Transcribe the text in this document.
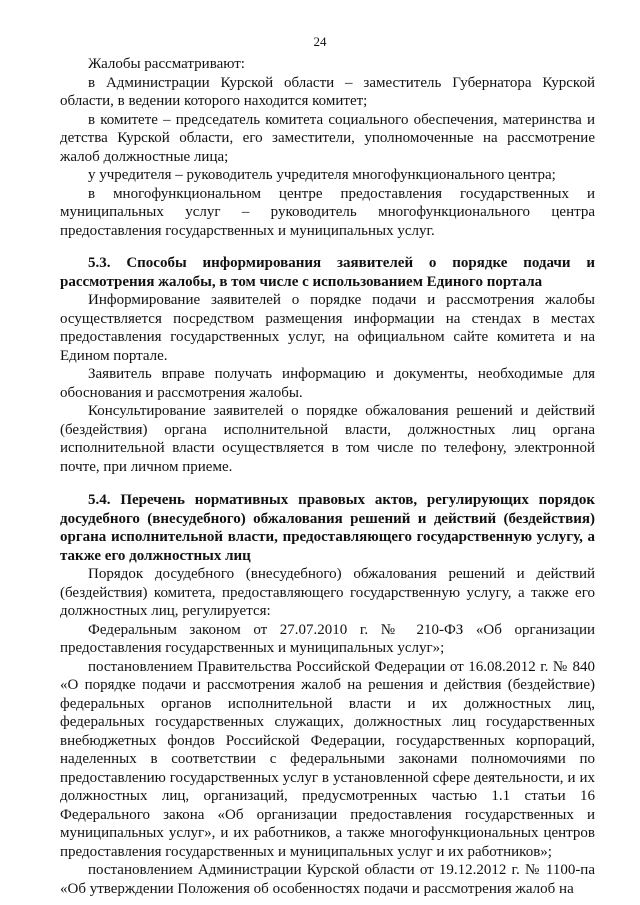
24

Жалобы рассматривают:

в Администрации Курской области – заместитель Губернатора Курской области, в ведении которого находится комитет;

в комитете – председатель комитета социального обеспечения, материнства и детства Курской области, его заместители, уполномоченные на рассмотрение жалоб должностные лица;

у учредителя – руководитель учредителя многофункционального центра;

в многофункциональном центре предоставления государственных и муниципальных услуг – руководитель многофункционального центра предоставления государственных и муниципальных услуг.

5.3. Способы информирования заявителей о порядке подачи и рассмотрения жалобы, в том числе с использованием Единого портала

Информирование заявителей о порядке подачи и рассмотрения жалобы осуществляется посредством размещения информации на стендах в местах предоставления государственных услуг, на официальном сайте комитета и на Едином портале.

Заявитель вправе получать информацию и документы, необходимые для обоснования и рассмотрения жалобы.

Консультирование заявителей о порядке обжалования решений и действий (бездействия) органа исполнительной власти, должностных лиц органа исполнительной власти осуществляется в том числе по телефону, электронной почте, при личном приеме.

5.4. Перечень нормативных правовых актов, регулирующих порядок досудебного (внесудебного) обжалования решений и действий (бездействия) органа исполнительной власти, предоставляющего государственную услугу, а также его должностных лиц

Порядок досудебного (внесудебного) обжалования решений и действий (бездействия) комитета, предоставляющего государственную услугу, а также его должностных лиц, регулируется:

Федеральным законом от 27.07.2010 г. № 210-ФЗ «Об организации предоставления государственных и муниципальных услуг»;

постановлением Правительства Российской Федерации от 16.08.2012 г. № 840 «О порядке подачи и рассмотрения жалоб на решения и действия (бездействие) федеральных органов исполнительной власти и их должностных лиц, федеральных государственных служащих, должностных лиц государственных внебюджетных фондов Российской Федерации, государственных корпораций, наделенных в соответствии с федеральными законами полномочиями по предоставлению государственных услуг в установленной сфере деятельности, и их должностных лиц, организаций, предусмотренных частью 1.1 статьи 16 Федерального закона «Об организации предоставления государственных и муниципальных услуг», и их работников, а также многофункциональных центров предоставления государственных и муниципальных услуг и их работников»;

постановлением Администрации Курской области от 19.12.2012 г. № 1100-па «Об утверждении Положения об особенностях подачи и рассмотрения жалоб на
